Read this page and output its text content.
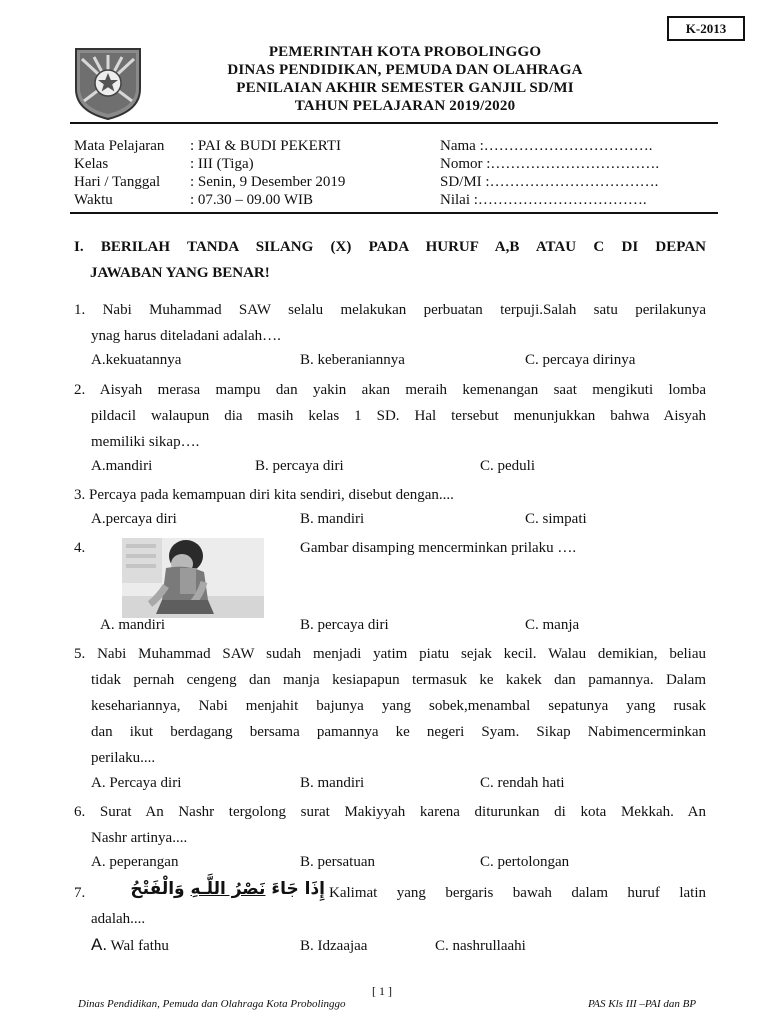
K-2013
PEMERINTAH KOTA PROBOLINGGO
DINAS PENDIDIKAN, PEMUDA DAN OLAHRAGA
PENILAIAN AKHIR SEMESTER GANJIL SD/MI
TAHUN PELAJARAN 2019/2020
Mata Pelajaran : PAI & BUDI PEKERTI
Kelas	: III (Tiga)
Hari / Tanggal : Senin, 9 Desember 2019
Waktu	: 07.30 – 09.00 WIB
Nama :…………………………….
Nomor :…………………………….
SD/MI :…………………………….
Nilai :…………………………….
I. BERILAH TANDA SILANG (X) PADA HURUF A,B ATAU C DI DEPAN
JAWABAN YANG BENAR!
1. Nabi Muhammad SAW selalu melakukan perbuatan terpuji.Salah satu perilakunya
ynag harus diteladani adalah….
A.kekuatannya	B. keberaniannya	C. percaya dirinya
2. Aisyah merasa mampu dan yakin akan meraih kemenangan saat mengikuti lomba
pildacil walaupun dia masih kelas 1 SD. Hal tersebut menunjukkan bahwa Aisyah
memiliki sikap….
A.mandiri	B. percaya diri	C. peduli
3. Percaya pada kemampuan diri kita sendiri, disebut dengan....
A.percaya diri	B. mandiri	C. simpati
4.	Gambar disamping mencerminkan prilaku ….
A. mandiri	B. percaya diri	C. manja
5. Nabi Muhammad SAW sudah menjadi yatim piatu sejak kecil. Walau demikian, beliau
tidak pernah cengeng dan manja kesiapapun termasuk ke kakek dan pamannya. Dalam
kesehariannya, Nabi menjahit bajunya yang sobek,menambal sepatunya yang rusak
dan ikut berdagang bersama pamannya ke negeri Syam. Sikap Nabimencerminkan
perilaku....
A. Percaya diri	B. mandiri	C. rendah hati
6. Surat An Nashr tergolong surat Makiyyah karena diturunkan di kota Mekkah. An
Nashr artinya....
A. peperangan	B. persatuan	C. pertolongan
7.	إِذَا جَاءَ نَصْرُ اللَّـهِ وَالْفَتْحُ	Kalimat yang bergaris bawah dalam huruf latin
adalah....
A. Wal fathu	B. Idzaajaa	C. nashrullaahi
[ 1 ]
Dinas Pendidikan, Pemuda dan Olahraga Kota Probolinggo	PAS Kls III –PAI dan BP
